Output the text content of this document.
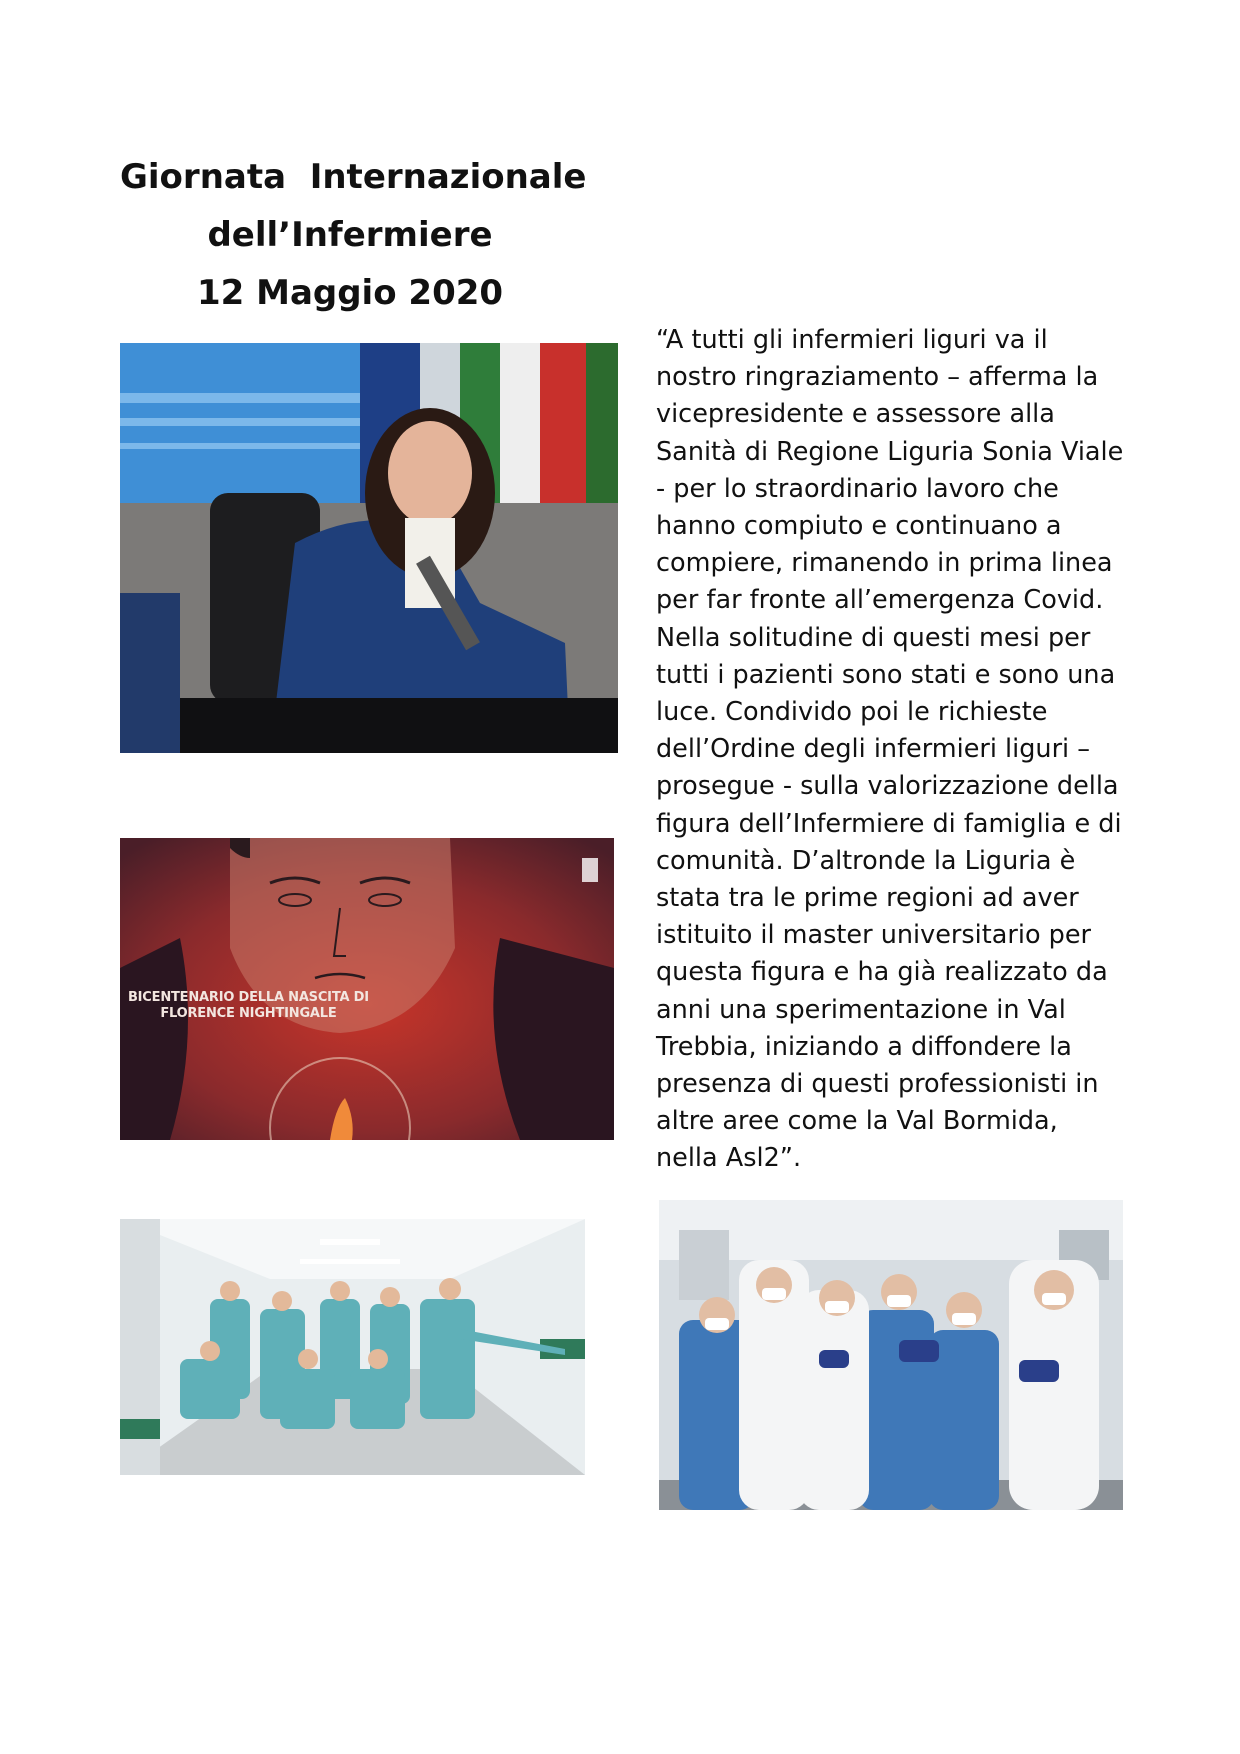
Giornata  Internazionale
dell’Infermiere
12 Maggio 2020

“A tutti gli infermieri liguri va il nostro ringraziamento – afferma la vicepresidente e assessore alla Sanità di Regione Liguria Sonia Viale - per lo straordinario lavoro che hanno compiuto e continuano a compiere, rimanendo in prima linea per far fronte all’emergenza Covid. Nella solitudine di questi mesi per tutti i pazienti sono stati e sono una luce. Condivido poi le richieste dell’Ordine degli infermieri liguri – prosegue - sulla valorizzazione della figura dell’Infermiere di famiglia e di comunità. D’altronde la Liguria è stata tra le prime regioni ad aver istituito il master universitario per questa figura e ha già realizzato da anni una sperimentazione in Val Trebbia, iniziando a diffondere la presenza di questi professionisti in altre aree come la Val Bormida, nella Asl2”.

BICENTENARIO DELLA NASCITA DI
FLORENCE NIGHTINGALE
